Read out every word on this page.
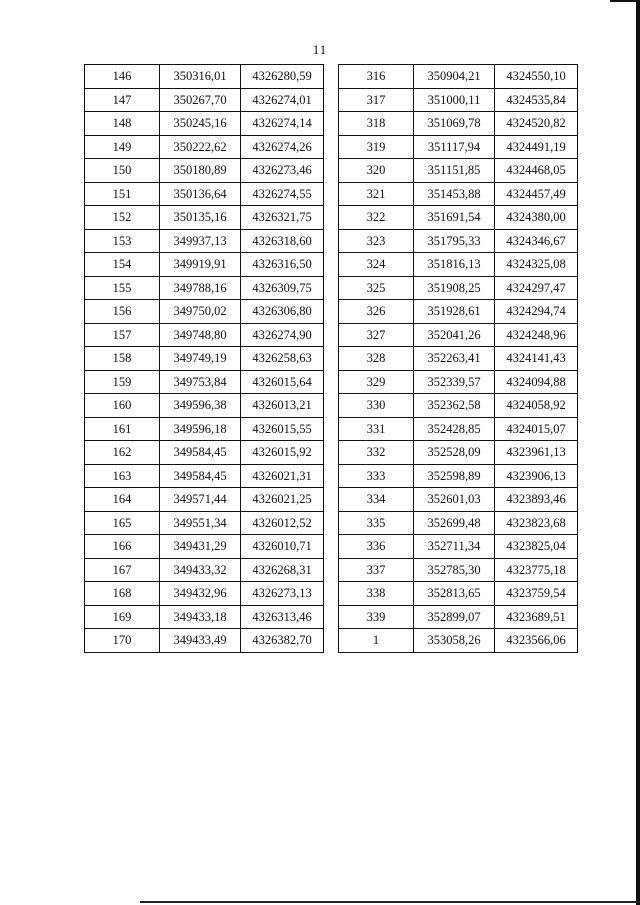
11
146	350316,01	4326280,59		316	350904,21	4324550,10
147	350267,70	4326274,01		317	351000,11	4324535,84
148	350245,16	4326274,14		318	351069,78	4324520,82
149	350222,62	4326274,26		319	351117,94	4324491,19
150	350180,89	4326273,46		320	351151,85	4324468,05
151	350136,64	4326274,55		321	351453,88	4324457,49
152	350135,16	4326321,75		322	351691,54	4324380,00
153	349937,13	4326318,60		323	351795,33	4324346,67
154	349919,91	4326316,50		324	351816,13	4324325,08
155	349788,16	4326309,75		325	351908,25	4324297,47
156	349750,02	4326306,80		326	351928,61	4324294,74
157	349748,80	4326274,90		327	352041,26	4324248,96
158	349749,19	4326258,63		328	352263,41	4324141,43
159	349753,84	4326015,64		329	352339,57	4324094,88
160	349596,38	4326013,21		330	352362,58	4324058,92
161	349596,18	4326015,55		331	352428,85	4324015,07
162	349584,45	4326015,92		332	352528,09	4323961,13
163	349584,45	4326021,31		333	352598,89	4323906,13
164	349571,44	4326021,25		334	352601,03	4323893,46
165	349551,34	4326012,52		335	352699,48	4323823,68
166	349431,29	4326010,71		336	352711,34	4323825,04
167	349433,32	4326268,31		337	352785,30	4323775,18
168	349432,96	4326273,13		338	352813,65	4323759,54
169	349433,18	4326313,46		339	352899,07	4323689,51
170	349433,49	4326382,70		1	353058,26	4323566,06
